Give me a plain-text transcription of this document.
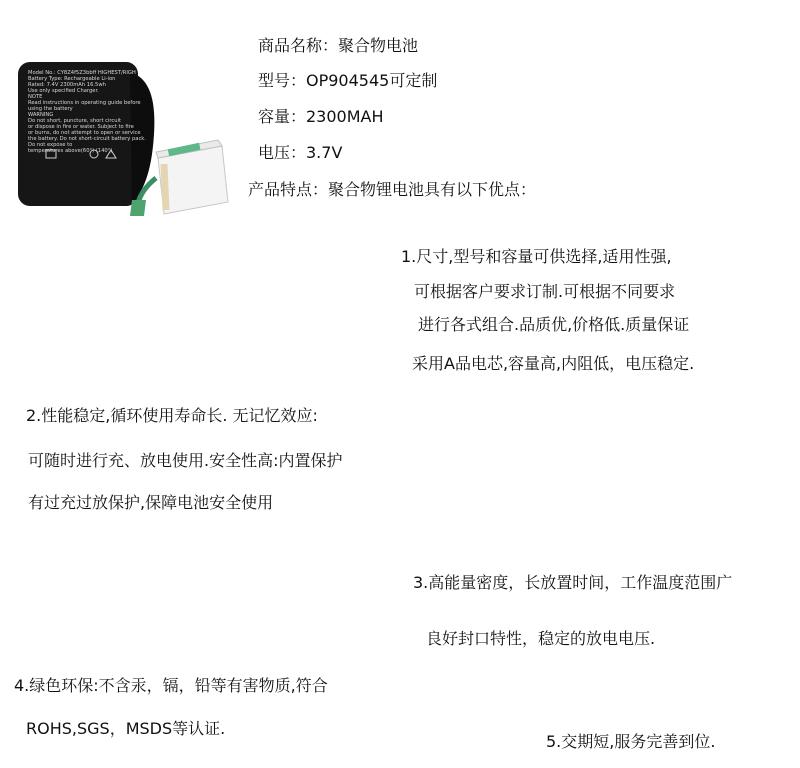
Model No.: CY8Z4f5Z3bbff HIGHEST/RIGH
Battery Type: Rechargeable Li-ion
Rated: 7.4V 2300mAh 16.5wh
Use only specified Charger.
NOTE
Read instructions in operating guide before
using the battery
WARNING
Do not short, puncture, short circuit
or dispose in fire or water. Subject to fire
or burns, do not attempt to open or service
the battery. Do not short-circuit battery pack.
Do not expose to
temperatures above(60°) (140°)
商品名称：聚合物电池
型号：OP904545可定制
容量：2300MAH
电压：3.7V
产品特点：聚合物锂电池具有以下优点：
1.尺寸,型号和容量可供选择,适用性强,
可根据客户要求订制.可根据不同要求
进行各式组合.品质优,价格低.质量保证
采用A品电芯,容量高,内阻低，电压稳定.
2.性能稳定,循环使用寿命长. 无记忆效应:
可随时进行充、放电使用.安全性高:内置保护
有过充过放保护,保障电池安全使用
3.高能量密度，长放置时间，工作温度范围广
良好封口特性，稳定的放电电压.
4.绿色环保:不含汞，镉，铅等有害物质,符合
ROHS,SGS，MSDS等认证.
5.交期短,服务完善到位.
